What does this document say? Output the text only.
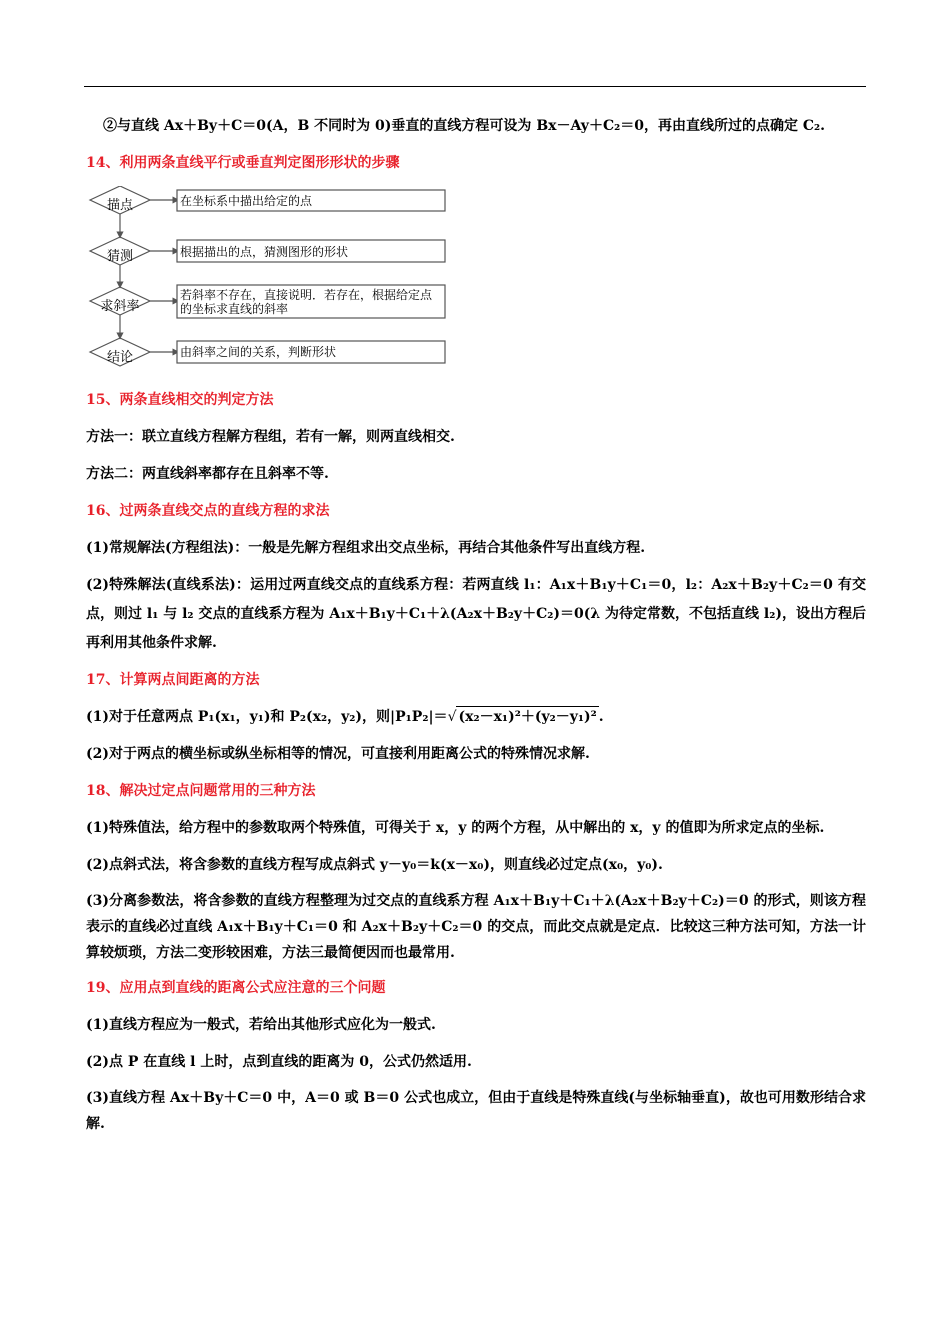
②与直线 Ax＋By＋C＝0(A，B 不同时为 0)垂直的直线方程可设为 Bx－Ay＋C₂＝0，再由直线所过的点确定 C₂.

14、利用两条直线平行或垂直判定图形形状的步骤
描点
猜测
求斜率
结论
在坐标系中描出给定的点
根据描出的点，猜测图形的形状
若斜率不存在，直接说明．若存在，根据给定点
的坐标求直线的斜率
由斜率之间的关系，判断形状
15、两条直线相交的判定方法

方法一：联立直线方程解方程组，若有一解，则两直线相交.

方法二：两直线斜率都存在且斜率不等.

16、过两条直线交点的直线方程的求法

(1)常规解法(方程组法)：一般是先解方程组求出交点坐标，再结合其他条件写出直线方程.

(2)特殊解法(直线系法)：运用过两直线交点的直线系方程：若两直线 l₁：A₁x＋B₁y＋C₁＝0，l₂：A₂x＋B₂y＋C₂＝0 有交点，则过 l₁ 与 l₂ 交点的直线系方程为 A₁x＋B₁y＋C₁＋λ(A₂x＋B₂y＋C₂)＝0(λ 为待定常数，不包括直线 l₂)，设出方程后再利用其他条件求解.

17、计算两点间距离的方法

(1)对于任意两点 P₁(x₁，y₁)和 P₂(x₂，y₂)，则|P₁P₂|＝√ (x₂－x₁)²＋(y₂－y₁)² .

(2)对于两点的横坐标或纵坐标相等的情况，可直接利用距离公式的特殊情况求解.

18、解决过定点问题常用的三种方法

(1)特殊值法，给方程中的参数取两个特殊值，可得关于 x，y 的两个方程，从中解出的 x，y 的值即为所求定点的坐标.

(2)点斜式法，将含参数的直线方程写成点斜式 y－y₀＝k(x－x₀)，则直线必过定点(x₀，y₀).

(3)分离参数法，将含参数的直线方程整理为过交点的直线系方程 A₁x＋B₁y＋C₁＋λ(A₂x＋B₂y＋C₂)＝0 的形式，则该方程表示的直线必过直线 A₁x＋B₁y＋C₁＝0 和 A₂x＋B₂y＋C₂＝0 的交点，而此交点就是定点．比较这三种方法可知，方法一计算较烦琐，方法二变形较困难，方法三最简便因而也最常用.

19、应用点到直线的距离公式应注意的三个问题

(1)直线方程应为一般式，若给出其他形式应化为一般式.

(2)点 P 在直线 l 上时，点到直线的距离为 0，公式仍然适用.

(3)直线方程 Ax＋By＋C＝0 中，A＝0 或 B＝0 公式也成立，但由于直线是特殊直线(与坐标轴垂直)，故也可用数形结合求解.
